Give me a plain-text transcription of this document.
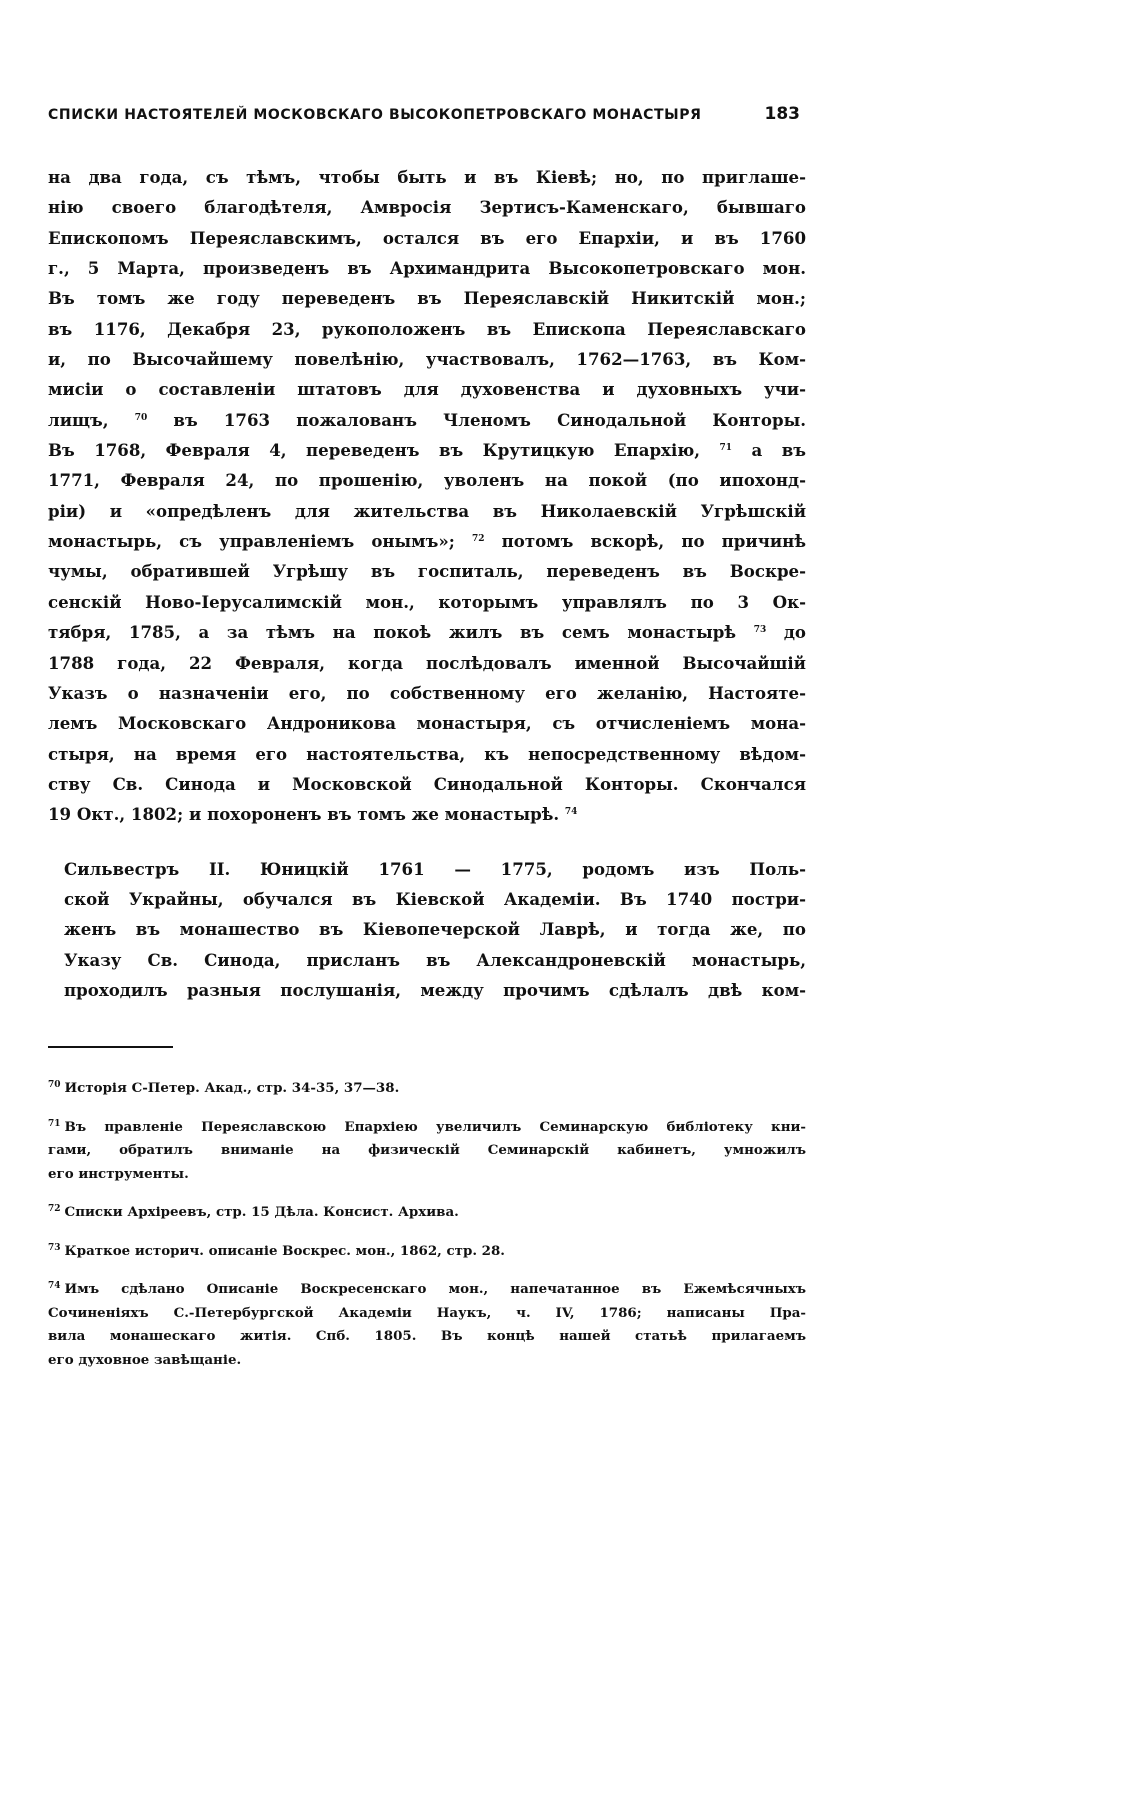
СПИСКИ НАСТОЯТЕЛЕЙ МОСКОВСКАГО ВЫСОКОПЕТРОВСКАГО МОНАСТЫРЯ	183

на два года, съ тѣмъ, чтобы быть и въ Кіевѣ; но, по приглаше-
нію своего благодѣтеля, Амвросія Зертисъ-Каменскаго, бывшаго
Епископомъ Переяславскимъ, остался въ его Епархіи, и въ 1760
г., 5 Марта, произведенъ въ Архимандрита Высокопетровскаго мон.
Въ томъ же году переведенъ въ Переяславскій Никитскій мон.;
въ 1176, Декабря 23, рукоположенъ въ Епископа Переяславскаго
и, по Высочайшему повелѣнію, участвовалъ, 1762—1763, въ Ком-
мисіи о составленіи штатовъ для духовенства и духовныхъ учи-
лищъ, $^{70}$ въ 1763 пожалованъ Членомъ Синодальной Конторы.
Въ 1768, Февраля 4, переведенъ въ Крутицкую Епархію, $^{71}$ а въ
1771, Февраля 24, по прошенію, уволенъ на покой (по ипохонд-
ріи) и «опредѣленъ для жительства въ Николаевскій Угрѣшскій
монастырь, съ управленіемъ онымъ»; $^{72}$ потомъ вскорѣ, по причинѣ
чумы, обратившей Угрѣшу въ госпиталь, переведенъ въ Воскре-
сенскій Ново-Іерусалимскій мон., которымъ управлялъ по 3 Ок-
тября, 1785, а за тѣмъ на покоѣ жилъ въ семъ монастырѣ $^{73}$ до
1788 года, 22 Февраля, когда послѣдовалъ именной Высочайшій
Указъ о назначеніи его, по собственному его желанію, Настояте-
лемъ Московскаго Андроникова монастыря, съ отчисленіемъ мона-
стыря, на время его настоятельства, къ непосредственному вѣдом-
ству Св. Синода и Московской Синодальной Конторы. Скончался
19 Окт., 1802; и похороненъ въ томъ же монастырѣ. $^{74}$

Сильвестръ II. Юницкій 1761 — 1775, родомъ изъ Поль-
ской Украйны, обучался въ Кіевской Академіи. Въ 1740 постри-
женъ въ монашество въ Кіевопечерской Лаврѣ, и тогда же, по
Указу Св. Синода, присланъ въ Александроневскій монастырь,
проходилъ разныя послушанія, между прочимъ сдѣлалъ двѣ ком-

$^{70}$ Исторія С-Петер. Акад., стр. 34-35, 37—38.
$^{71}$ Въ правленіе Переяславскою Епархіею увеличилъ Семинарскую библіотеку кни-
гами, обратилъ вниманіе на физическій Семинарскій кабинетъ, умножилъ
его инструменты.
$^{72}$ Списки Архіреевъ, стр. 15 Дѣла. Консист. Архива.
$^{73}$ Краткое историч. описаніе Воскрес. мон., 1862, стр. 28.
$^{74}$ Имъ сдѣлано Описаніе Воскресенскаго мон., напечатанное въ Ежемѣсячныхъ
Сочиненіяхъ С.-Петербургской Академіи Наукъ, ч. IV, 1786; написаны Пра-
вила монашескаго житія. Спб. 1805. Въ концѣ нашей статьѣ прилагаемъ
его духовное завѣщаніе.
